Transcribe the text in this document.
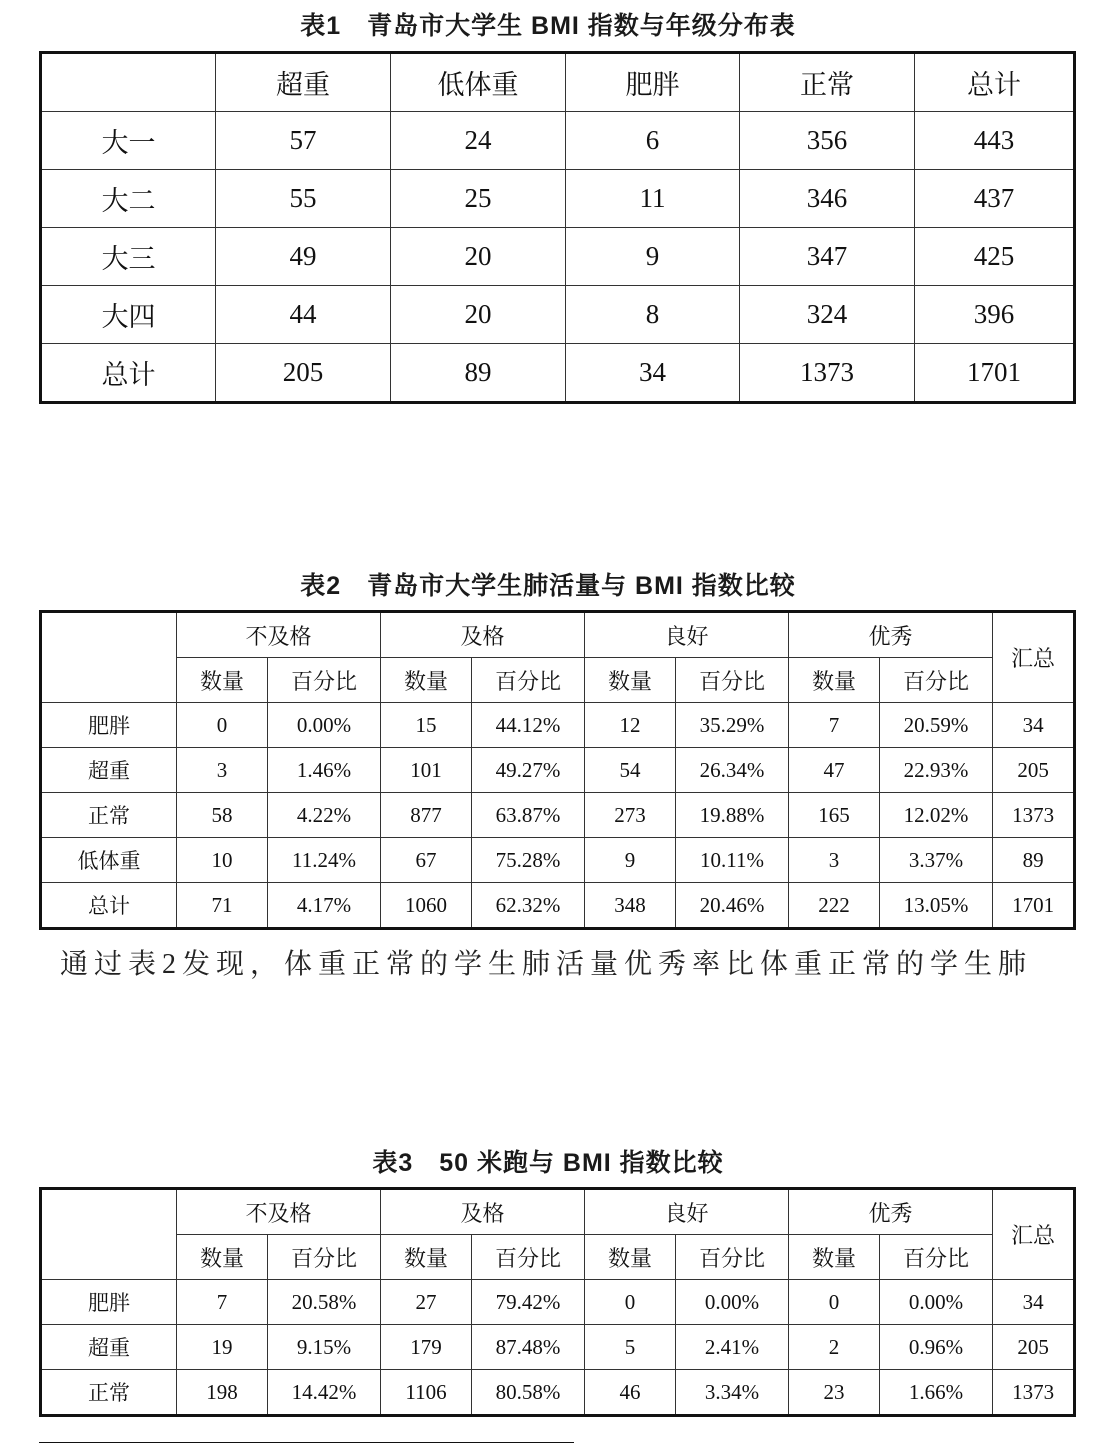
表1　青岛市大学生 BMI 指数与年级分布表
	超重	低体重	肥胖	正常	总计
大一	57	24	6	356	443
大二	55	25	11	346	437
大三	49	20	9	347	425
大四	44	20	8	324	396
总计	205	89	34	1373	1701
表2　青岛市大学生肺活量与 BMI 指数比较
	不及格		及格		良好		优秀		汇总
	数量	百分比	数量	百分比	数量	百分比	数量	百分比	
肥胖	0	0.00%	15	44.12%	12	35.29%	7	20.59%	34
超重	3	1.46%	101	49.27%	54	26.34%	47	22.93%	205
正常	58	4.22%	877	63.87%	273	19.88%	165	12.02%	1373
低体重	10	11.24%	67	75.28%	9	10.11%	3	3.37%	89
总计	71	4.17%	1060	62.32%	348	20.46%	222	13.05%	1701
通过表2发现，体重正常的学生肺活量优秀率比体重正常的学生肺
表3　50 米跑与 BMI 指数比较
	不及格		及格		良好		优秀		汇总
	数量	百分比	数量	百分比	数量	百分比	数量	百分比	
肥胖	7	20.58%	27	79.42%	0	0.00%	0	0.00%	34
超重	19	9.15%	179	87.48%	5	2.41%	2	0.96%	205
正常	198	14.42%	1106	80.58%	46	3.34%	23	1.66%	1373
